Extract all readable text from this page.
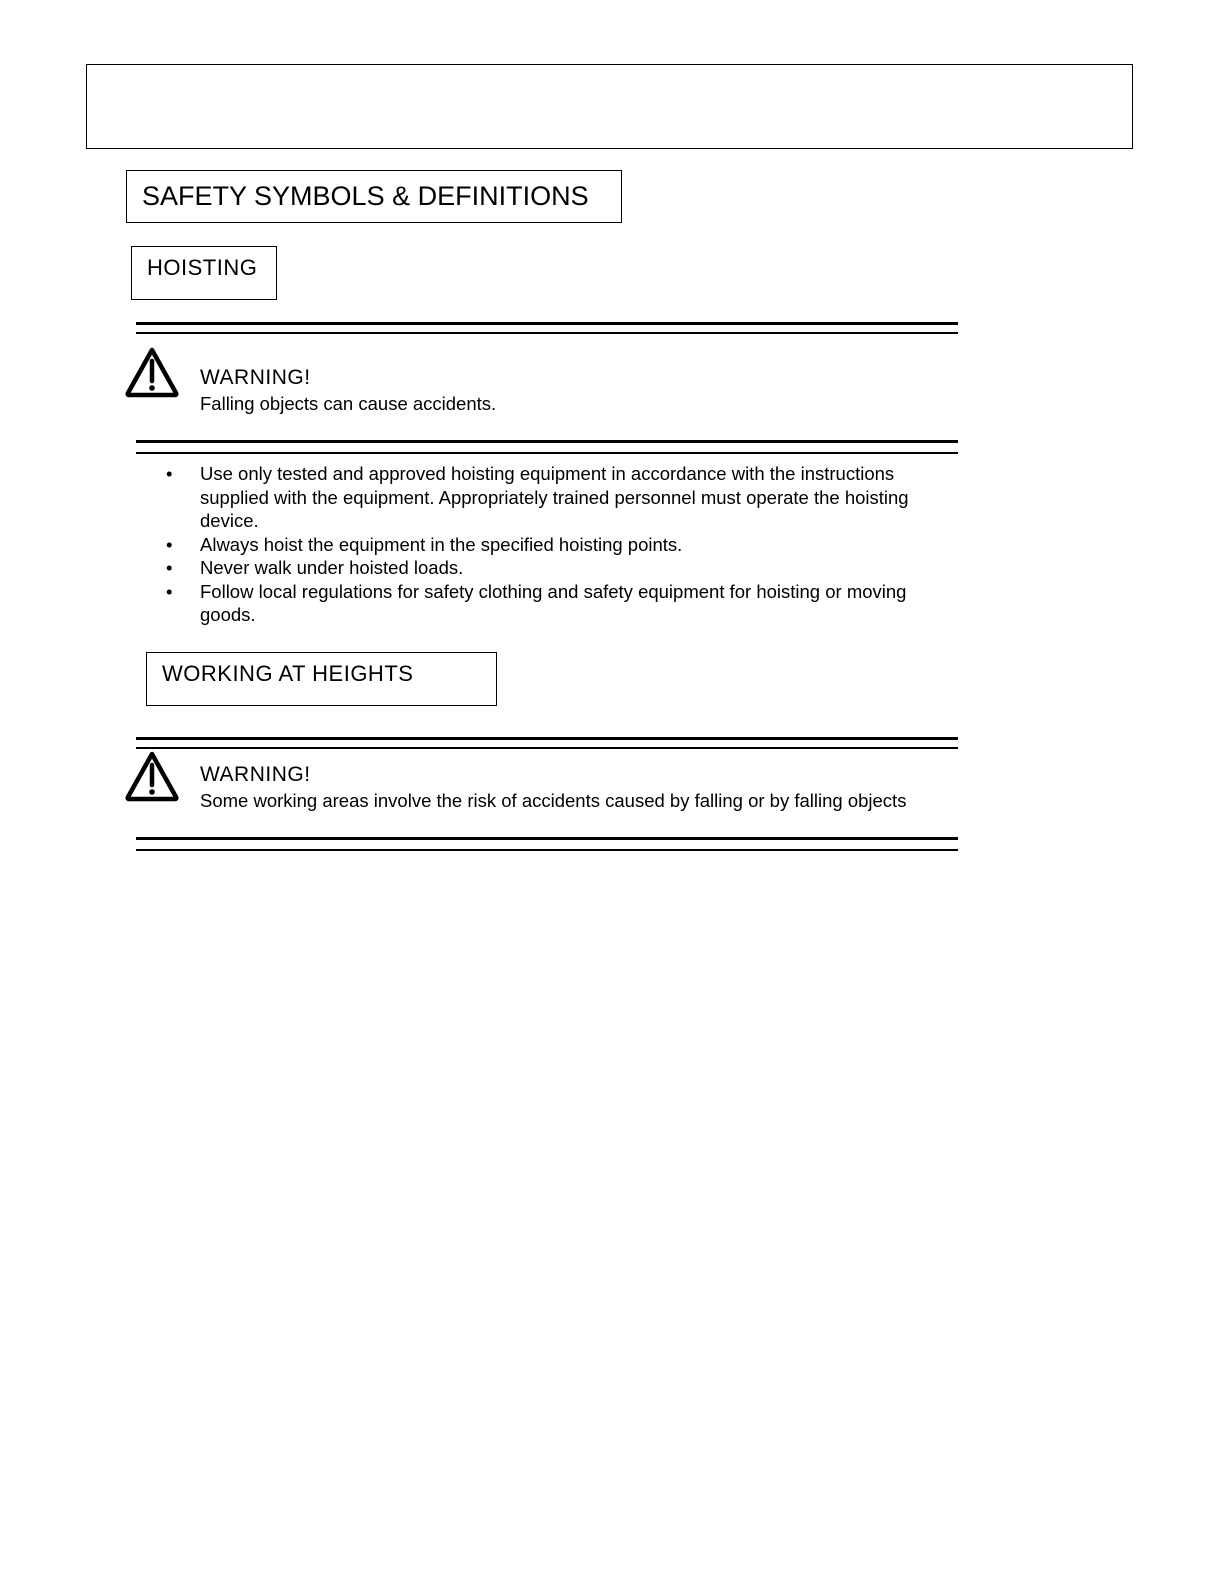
SAFETY SYMBOLS & DEFINITIONS
HOISTING
WARNING!
Falling objects can cause accidents.
• Use only tested and approved hoisting equipment in accordance with the instructions supplied with the equipment. Appropriately trained personnel must operate the hoisting device.
• Always hoist the equipment in the specified hoisting points.
• Never walk under hoisted loads.
• Follow local regulations for safety clothing and safety equipment for hoisting or moving goods.
WORKING AT HEIGHTS
WARNING!
Some working areas involve the risk of accidents caused by falling or by falling objects
